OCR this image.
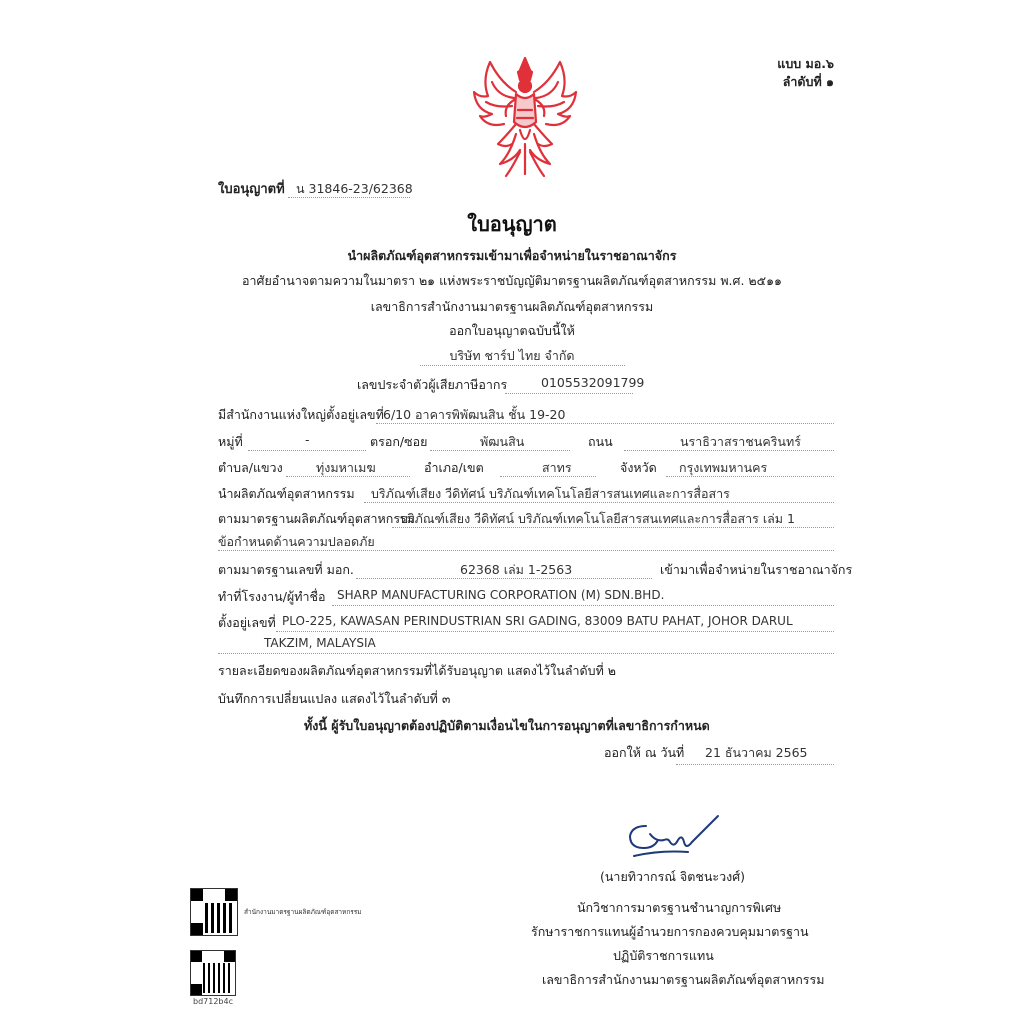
แบบ มอ.๖
ลำดับที่ ๑
ใบอนุญาตที่ น 31846-23/62368
ใบอนุญาต
นำผลิตภัณฑ์อุตสาหกรรมเข้ามาเพื่อจำหน่ายในราชอาณาจักร
อาศัยอำนาจตามความในมาตรา ๒๑ แห่งพระราชบัญญัติมาตรฐานผลิตภัณฑ์อุตสาหกรรม พ.ศ. ๒๕๑๑
เลขาธิการสำนักงานมาตรฐานผลิตภัณฑ์อุตสาหกรรม
ออกใบอนุญาตฉบับนี้ให้
บริษัท ชาร์ป ไทย จำกัด
เลขประจำตัวผู้เสียภาษีอากร	0105532091799
มีสำนักงานแห่งใหญ่ตั้งอยู่เลขที่ 6/10 อาคารพิพัฒนสิน ชั้น 19-20
หมู่ที่	-	ตรอก/ซอย	พัฒนสิน	ถนน	นราธิวาสราชนครินทร์
ตำบล/แขวง	ทุ่งมหาเมฆ	อำเภอ/เขต	สาทร	จังหวัด กรุงเทพมหานคร
นำผลิตภัณฑ์อุตสาหกรรม บริภัณฑ์เสียง วีดิทัศน์ บริภัณฑ์เทคโนโลยีสารสนเทศและการสื่อสาร
ตามมาตรฐานผลิตภัณฑ์อุตสาหกรรม
บริภัณฑ์เสียง วีดิทัศน์ บริภัณฑ์เทคโนโลยีสารสนเทศและการสื่อสาร เล่ม 1
ข้อกำหนดด้านความปลอดภัย
ตามมาตรฐานเลขที่ มอก.	62368 เล่ม 1-2563	เข้ามาเพื่อจำหน่ายในราชอาณาจักร
ทำที่โรงงาน/ผู้ทำชื่อ SHARP MANUFACTURING CORPORATION (M) SDN.BHD.
ตั้งอยู่เลขที่ PLO-225, KAWASAN PERINDUSTRIAN SRI GADING, 83009 BATU PAHAT, JOHOR DARUL
TAKZIM, MALAYSIA
รายละเอียดของผลิตภัณฑ์อุตสาหกรรมที่ได้รับอนุญาต แสดงไว้ในลำดับที่ ๒
บันทึกการเปลี่ยนแปลง แสดงไว้ในลำดับที่ ๓
ทั้งนี้ ผู้รับใบอนุญาตต้องปฏิบัติตามเงื่อนไขในการอนุญาตที่เลขาธิการกำหนด
ออกให้ ณ วันที่ 21 ธันวาคม 2565
(นายทิวากรณ์ จิตชนะวงศ์)
นักวิชาการมาตรฐานชำนาญการพิเศษ
รักษาราชการแทนผู้อำนวยการกองควบคุมมาตรฐาน
ปฏิบัติราชการแทน
เลขาธิการสำนักงานมาตรฐานผลิตภัณฑ์อุตสาหกรรม
สำนักงานมาตรฐานผลิตภัณฑ์อุตสาหกรรม
bd712b4c
